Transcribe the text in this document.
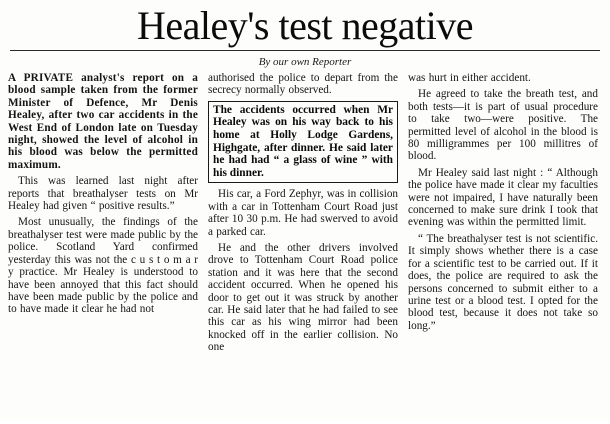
Healey's test negative
By our own Reporter

A PRIVATE analyst's report on a blood sample taken from the former Minister of Defence, Mr Denis Healey, after two car accidents in the West End of London late on Tuesday night, showed the level of alcohol in his blood was below the permitted maximum.

This was learned last night after reports that breathalyser tests on Mr Healey had given “ positive results.”

Most unusually, the findings of the breathalyser test were made public by the police. Scotland Yard confirmed yesterday this was not the c u s t o m a r y practice. Mr Healey is understood to have been annoyed that this fact should have been made public by the police and to have made it clear he had not

authorised the police to depart from the secrecy normally observed.

The accidents occurred when Mr Healey was on his way back to his home at Holly Lodge Gardens, Highgate, after dinner. He said later he had had “ a glass of wine ” with his dinner.

His car, a Ford Zephyr, was in collision with a car in Tottenham Court Road just after 10 30 p.m. He had swerved to avoid a parked car.

He and the other drivers involved drove to Tottenham Court Road police station and it was here that the second accident occurred. When he opened his door to get out it was struck by another car. He said later that he had failed to see this car as his wing mirror had been knocked off in the earlier collision. No one

was hurt in either accident.

He agreed to take the breath test, and both tests—it is part of usual procedure to take two—were positive. The permitted level of alcohol in the blood is 80 milligrammes per 100 millitres of blood.

Mr Healey said last night : “ Although the police have made it clear my faculties were not impaired, I have naturally been concerned to make sure drink I took that evening was within the permitted limit.

“ The breathalyser test is not scientific. It simply shows whether there is a case for a scientific test to be carried out. If it does, the police are required to ask the persons concerned to submit either to a urine test or a blood test. I opted for the blood test, because it does not take so long.”
